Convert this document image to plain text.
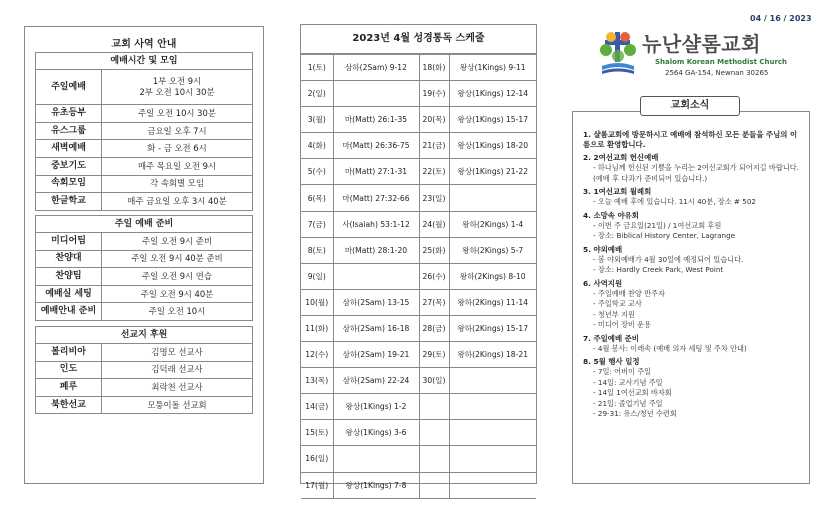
교회 사역 안내
예배시간 및 모임	
주일예배	1부 오전 9시
2부 오전 10시 30분
유초등부	주일 오전 10시 30분
유스그룹	금요일 오후 7시
새벽예배	화 - 금 오전 6시
중보기도	매주 목요일 오전 9시
속회모임	각 속회별 모임
한글학교	매주 금요일 오후 3시 40분
주일 예배 준비	
미디어팀	주일 오전 9시 준비
찬양대	주일 오전 9시 40분 준비
찬양팀	주일 오전 9시 연습
예배실 세팅	주일 오전 9시 40분
예배안내 준비	주일 오전 10시
선교지 후원	
볼리비아	김명모 선교사
인도	김덕래 선교사
페루	최락천 선교사
북한선교	모퉁이돌 선교회
2023년 4월 성경통독 스케줄
1(토)	삼하(2Sam) 9-12	18(화)	왕상(1Kings) 9-11
2(일)		19(수)	왕상(1Kings) 12-14
3(월)	마(Matt) 26:1-35	20(목)	왕상(1Kings) 15-17
4(화)	마(Matt) 26:36-75	21(금)	왕상(1Kings) 18-20
5(수)	마(Matt) 27:1-31	22(토)	왕상(1Kings) 21-22
6(목)	마(Matt) 27:32-66	23(일)	
7(금)	사(Isaiah) 53:1-12	24(월)	왕하(2Kings) 1-4
8(토)	마(Matt) 28:1-20	25(화)	왕하(2Kings) 5-7
9(일)		26(수)	왕하(2Kings) 8-10
10(월)	삼하(2Sam) 13-15	27(목)	왕하(2Kings) 11-14
11(화)	삼하(2Sam) 16-18	28(금)	왕하(2Kings) 15-17
12(수)	삼하(2Sam) 19-21	29(토)	왕하(2Kings) 18-21
13(목)	삼하(2Sam) 22-24	30(일)	
14(금)	왕상(1Kings) 1-2		
15(토)	왕상(1Kings) 3-6		
16(일)			
17(월)	왕상(1Kings) 7-8		
04 / 16 / 2023
뉴난샬롬교회
Shalom Korean Methodist Church
2564 GA-154, Newnan 30265
1. 샬롬교회에 방문하시고 예배에 참석하신 모든 분들을 주님의 이름으로 환영합니다.
2. 2여선교회 헌신예배
- 하나님께 헌신된 기쁨을 누리는 2여선교회가 되어지길 바랍니다. (예배 후 다과가 준비되어 있습니다.)
3. 1여선교회 월례회
- 오늘 예배 후에 있습니다. 11시 40분, 장소 # 502
4. 소망속 야유회
- 이번 주 금요일(21일) / 1여선교회 후원
- 장소: Biblical History Center, Lagrange
5. 야외예배
- 봄 야외예배가 4월 30일에 예정되어 있습니다.
- 장소: Hardly Creek Park, West Point
6. 사역지원
- 주일예배 찬양 반주자
- 주일학교 교사
- 청년부 지원
- 미디어 장비 운용
7. 주일예배 준비
- 4월 봉사: 이레속 (예배 의자 세팅 및 주차 안내)
8. 5월 행사 일정
- 7일: 어버이 주일
- 14일: 교사기념 주일
- 14일 1여선교회 바자회
- 21일: 졸업기념 주일
- 29-31: 유스/청년 수련회
교회소식
